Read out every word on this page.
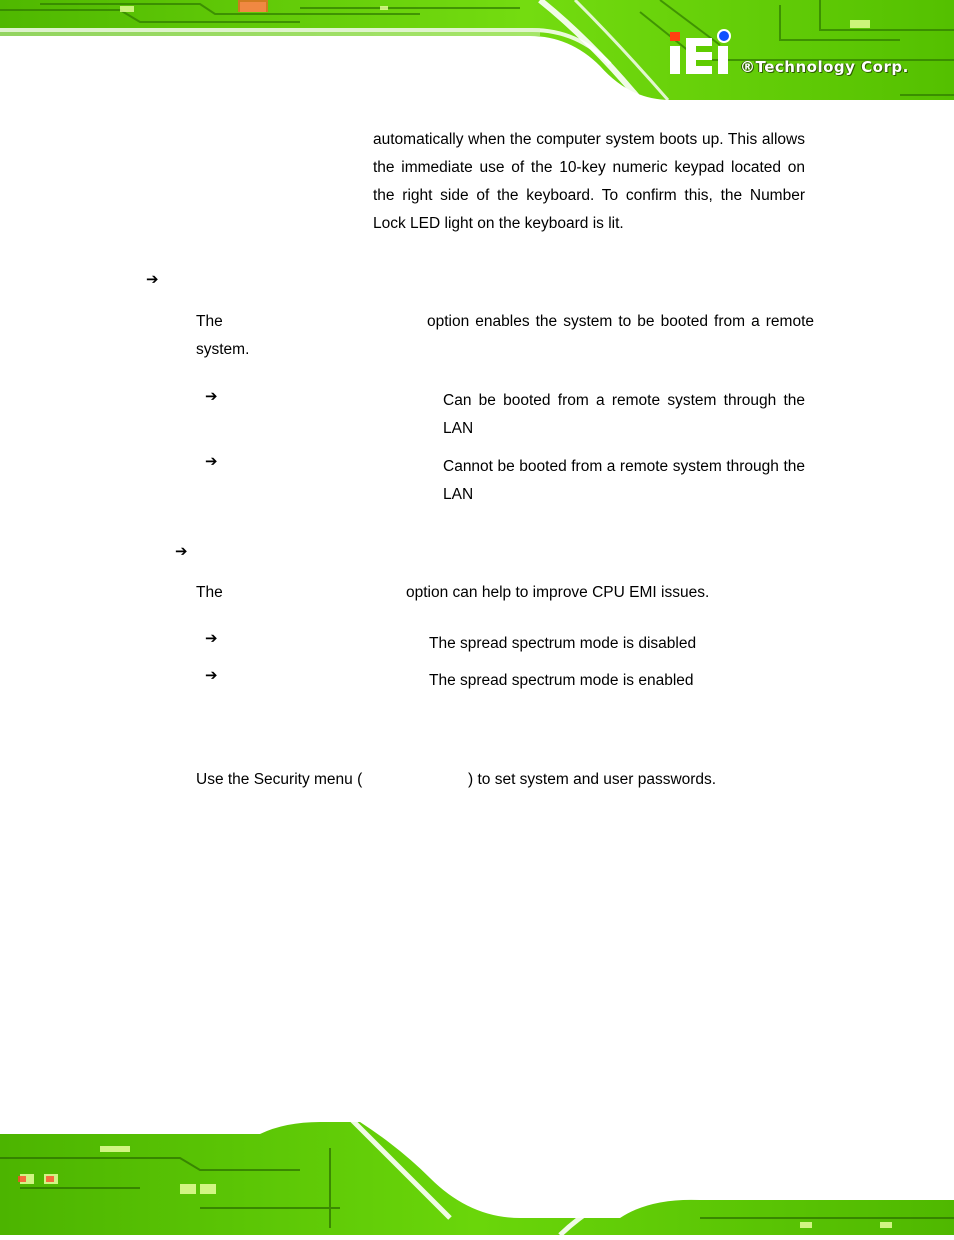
®Technology Corp.

automatically when the computer system boots up. This allows

the immediate use of the 10-key numeric keypad located on

the right side of the keyboard. To confirm this, the Number

Lock LED light on the keyboard is lit.

➔

The	option enables the system to be booted from a remote

system.

➔	Can be booted from a remote system through the

LAN

➔	Cannot be booted from a remote system through the

LAN

➔

The	option can help to improve CPU EMI issues.

➔	The spread spectrum mode is disabled

➔	The spread spectrum mode is enabled

Use the Security menu (	) to set system and user passwords.
